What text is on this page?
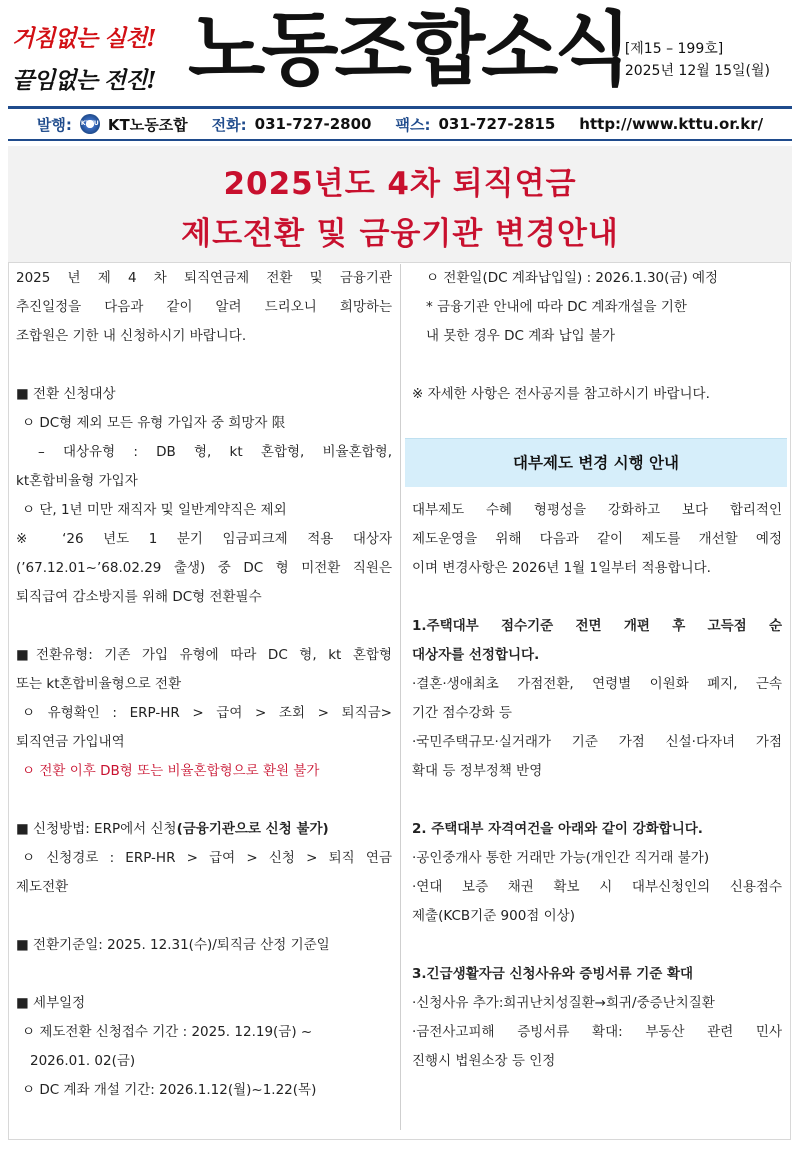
거침없는 실천!
끝임없는 전진! 노동조합소식
[제15 – 199호]
2025년 12월 15일(월)
발행: KTTU KT노동조합 전화: 031-727-2800 팩스: 031-727-2815 http://www.kttu.or.kr/
2025년도 4차 퇴직연금
제도전환 및 금융기관 변경안내
2025 년 제 4 차 퇴직연금제 전환 및 금융기관
추진일정을 다음과 같이 알려 드리오니 희망하는
조합원은 기한 내 신청하시기 바랍니다.
■ 전환 신청대상
ㅇ DC형 제외 모든 유형 가입자 중 희망자 限
– 대상유형 : DB 형, kt 혼합형, 비율혼합형,
kt혼합비율형 가입자
ㅇ 단, 1년 미만 재직자 및 일반계약직은 제외
※ ‘26 년도 1 분기 임금피크제 적용 대상자
(’67.12.01~’68.02.29 출생) 중 DC 형 미전환 직원은
퇴직급여 감소방지를 위해 DC형 전환필수
■전환유형: 기존 가입 유형에 따라 DC 형, kt 혼합형
또는 kt혼합비율형으로 전환
ㅇ 유형확인 : ERP-HR > 급여 > 조회 > 퇴직금>
퇴직연금 가입내역
ㅇ 전환 이후 DB형 또는 비율혼합형으로 환원 불가
■ 신청방법: ERP에서 신청(금융기관으로 신청 불가)
ㅇ 신청경로 : ERP-HR > 급여 > 신청 > 퇴직 연금
제도전환
■ 전환기준일: 2025. 12.31(수)/퇴직금 산정 기준일
■ 세부일정
ㅇ 제도전환 신청접수 기간 : 2025. 12.19(금) ~
2026.01. 02(금)
ㅇ DC 계좌 개설 기간: 2026.1.12(월)~1.22(목)
ㅇ 전환일(DC 계좌납입일) : 2026.1.30(금) 예정
* 금융기관 안내에 따라 DC 계좌개설을 기한
내 못한 경우 DC 계좌 납입 불가
※ 자세한 사항은 전사공지를 참고하시기 바랍니다.
대부제도 수혜 형평성을 강화하고 보다 합리적인
제도운영을 위해 다음과 같이 제도를 개선할 예정
이며 변경사항은 2026년 1월 1일부터 적용합니다.
1.주택대부 점수기준 전면 개편 후 고득점 순
대상자를 선정합니다.
·결혼·생애최초 가점전환, 연령별 이원화 폐지, 근속
기간 점수강화 등
·국민주택규모·실거래가 기준 가점 신설·다자녀 가점
확대 등 정부정책 반영
2. 주택대부 자격여건을 아래와 같이 강화합니다.
·공인중개사 통한 거래만 가능(개인간 직거래 불가)
·연대 보증 채권 확보 시 대부신청인의 신용점수
제출(KCB기준 900점 이상)
3.긴급생활자금 신청사유와 증빙서류 기준 확대
·신청사유 추가:희귀난치성질환→희귀/중증난치질환
·금전사고피해 증빙서류 확대: 부동산 관련 민사
진행시 법원소장 등 인정
대부제도 변경 시행 안내
